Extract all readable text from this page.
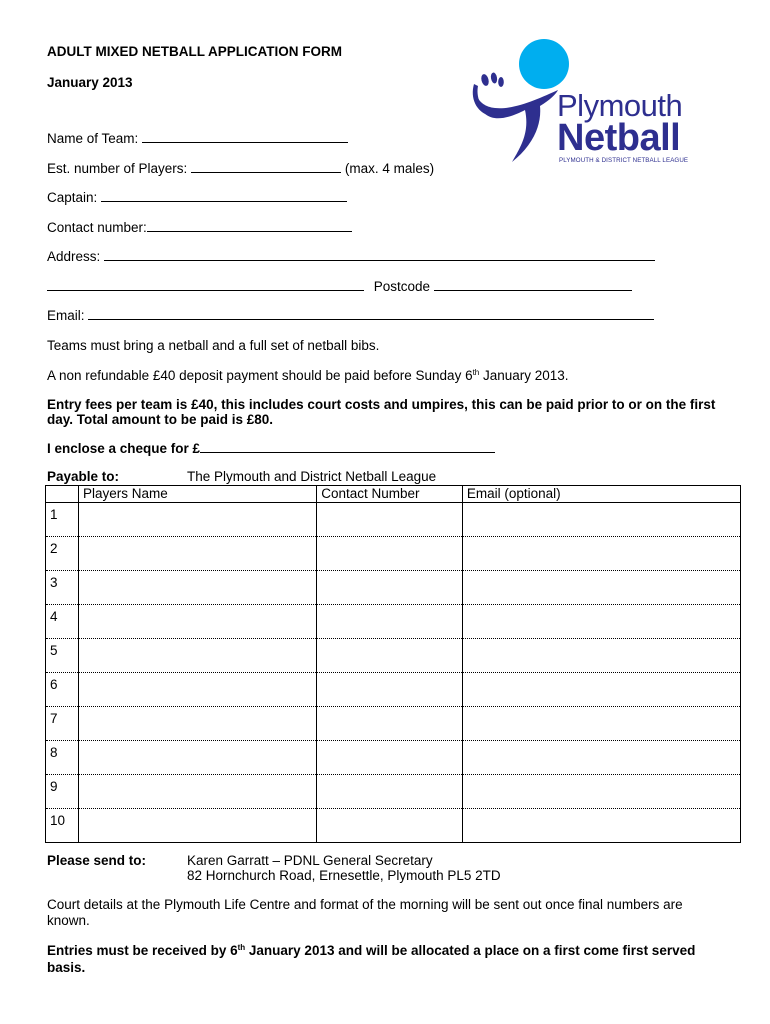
ADULT MIXED NETBALL APPLICATION FORM
January 2013
Plymouth
Netball
PLYMOUTH & DISTRICT NETBALL LEAGUE
Name of Team:
Est. number of Players:	(max. 4 males)
Captain:
Contact number:
Address:
Postcode
Email:
Teams must bring a netball and a full set of netball bibs.
A non refundable £40 deposit payment should be paid before Sunday 6th January 2013.
Entry fees per team is £40, this includes court costs and umpires, this can be paid prior to or on the first
day. Total amount to be paid is £80.
I enclose a cheque for £
Payable to:	The Plymouth and District Netball League
	Players Name	Contact Number	Email (optional)
1			
2			
3			
4			
5			
6			
7			
8			
9			
10			
Please send to:	Karen Garratt – PDNL General Secretary
82 Hornchurch Road, Ernesettle, Plymouth PL5 2TD
Court details at the Plymouth Life Centre and format of the morning will be sent out once final numbers are
known.
Entries must be received by 6th January 2013 and will be allocated a place on a first come first served
basis.
